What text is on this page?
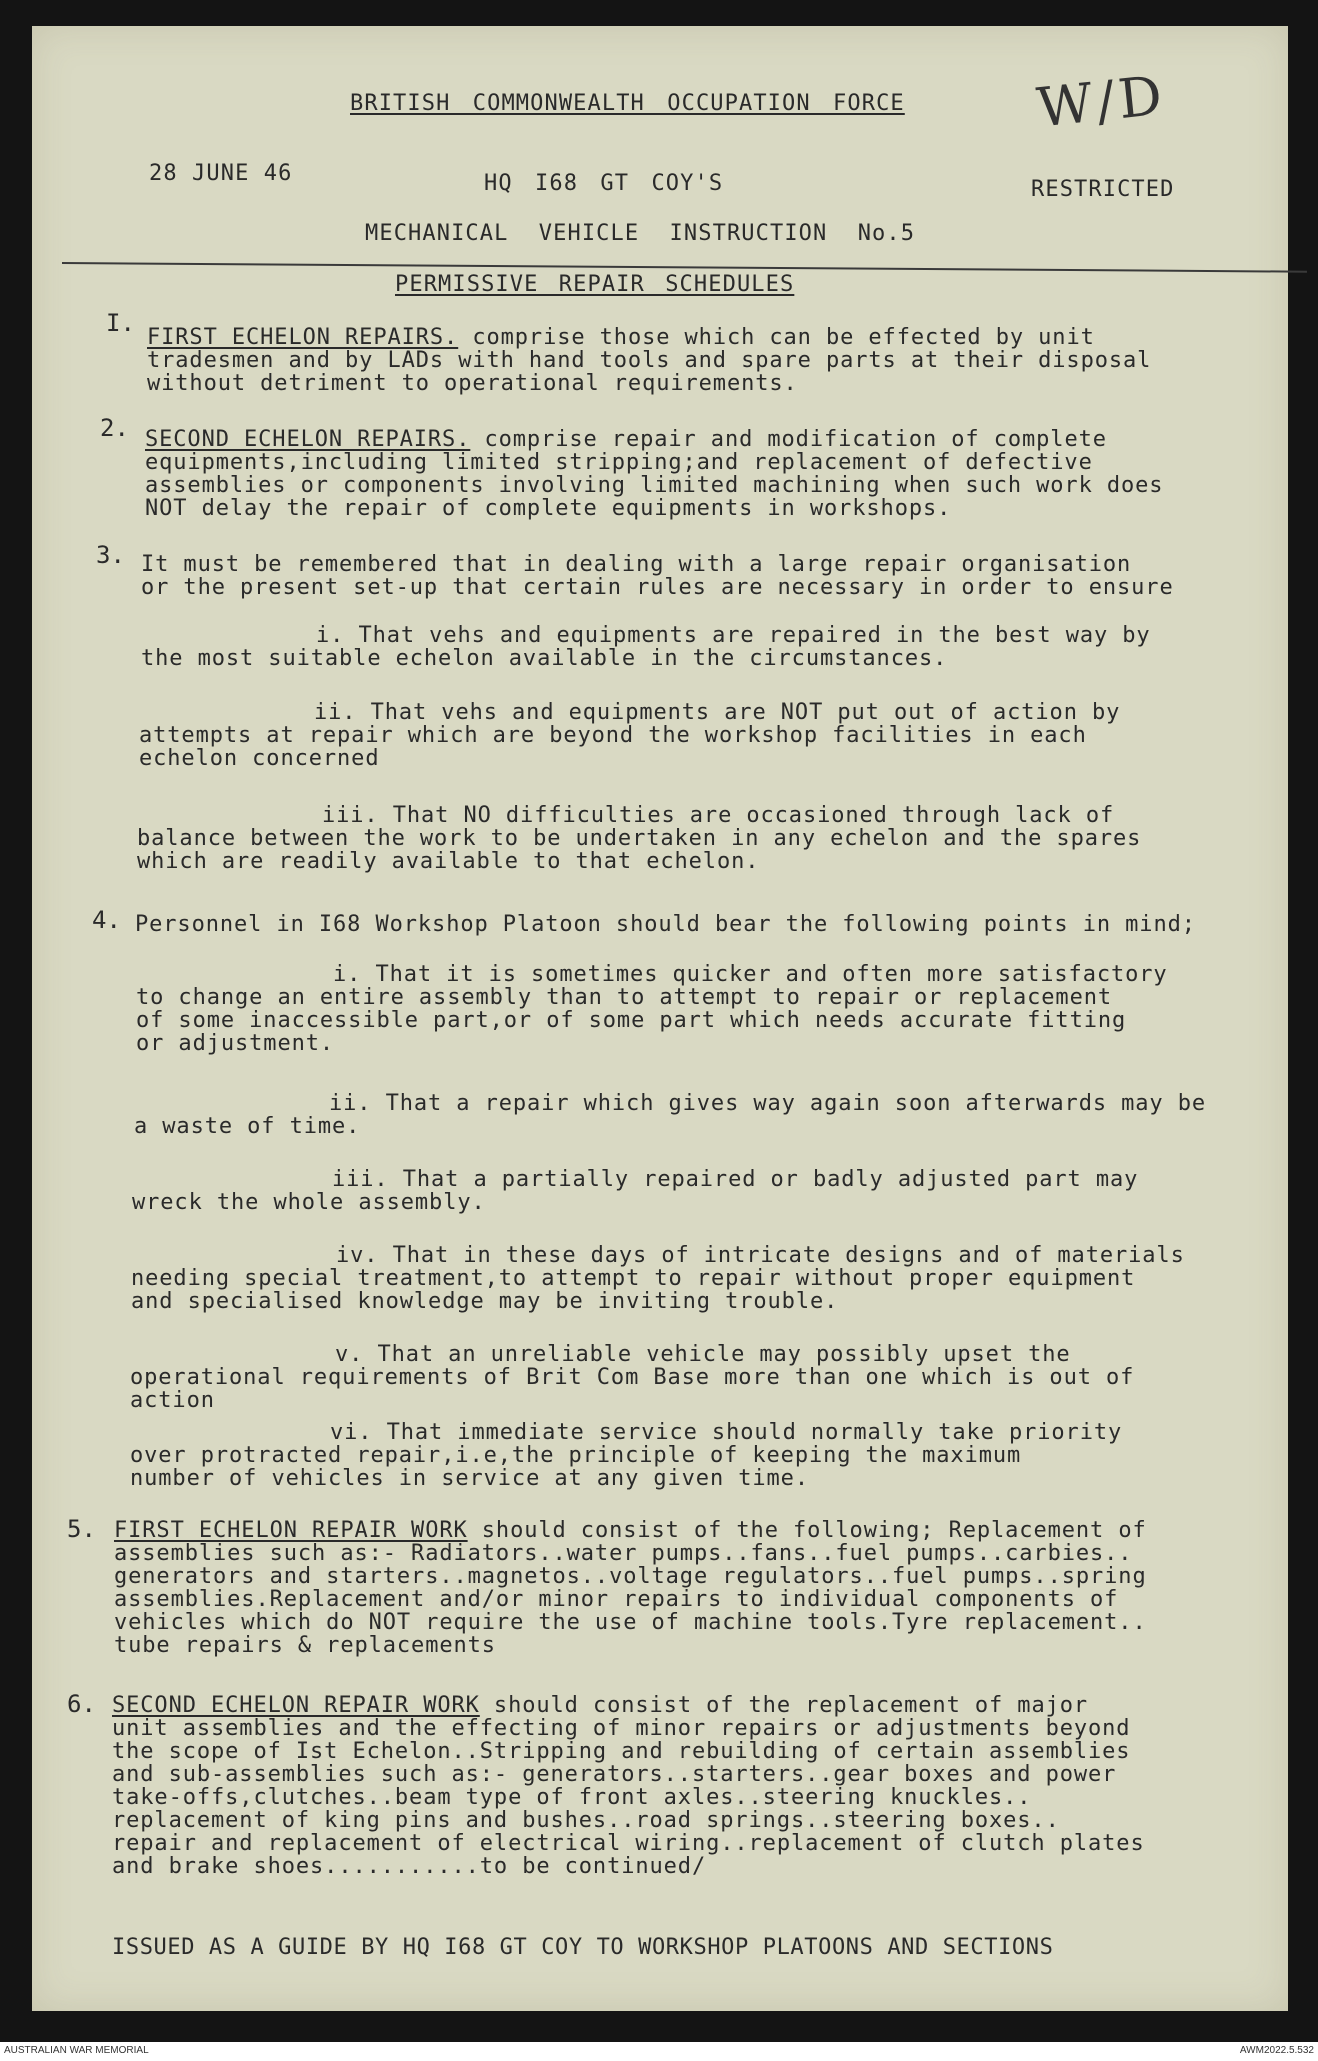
BRITISH COMMONWEALTH OCCUPATION FORCE W/D
28 JUNE 46	HQ I68 GT COY'S	RESTRICTED
MECHANICAL VEHICLE INSTRUCTION No.5
PERMISSIVE REPAIR SCHEDULES
I.
FIRST ECHELON REPAIRS. comprise those which can be effected by unit
tradesmen and by LADs with hand tools and spare parts at their disposal
without detriment to operational requirements.
2. SECOND ECHELON REPAIRS. comprise repair and modification of complete
equipments,including limited stripping;and replacement of defective
assemblies or components involving limited machining when such work does
NOT delay the repair of complete equipments in workshops.
3. It must be remembered that in dealing with a large repair organisation
or the present set-up that certain rules are necessary in order to ensure
i. That vehs and equipments are repaired in the best way by
the most suitable echelon available in the circumstances.
ii. That vehs and equipments are NOT put out of action by
attempts at repair which are beyond the workshop facilities in each
echelon concerned
iii. That NO difficulties are occasioned through lack of
balance between the work to be undertaken in any echelon and the spares
which are readily available to that echelon.
4. Personnel in I68 Workshop Platoon should bear the following points in mind;
i. That it is sometimes quicker and often more satisfactory
to change an entire assembly than to attempt to repair or replacement
of some inaccessible part,or of some part which needs accurate fitting
or adjustment.
ii. That a repair which gives way again soon afterwards may be
a waste of time.
iii. That a partially repaired or badly adjusted part may
wreck the whole assembly.
iv. That in these days of intricate designs and of materials
needing special treatment,to attempt to repair without proper equipment
and specialised knowledge may be inviting trouble.
v. That an unreliable vehicle may possibly upset the
operational requirements of Brit Com Base more than one which is out of
action
vi. That immediate service should normally take priority
over protracted repair,i.e,the principle of keeping the maximum
number of vehicles in service at any given time.
5. FIRST ECHELON REPAIR WORK should consist of the following; Replacement of
assemblies such as:- Radiators..water pumps..fans..fuel pumps..carbies..
generators and starters..magnetos..voltage regulators..fuel pumps..spring
assemblies.Replacement and/or minor repairs to individual components of
vehicles which do NOT require the use of machine tools.Tyre replacement..
tube repairs & replacements
6. SECOND ECHELON REPAIR WORK should consist of the replacement of major
unit assemblies and the effecting of minor repairs or adjustments beyond
the scope of Ist Echelon..Stripping and rebuilding of certain assemblies
and sub-assemblies such as:- generators..starters..gear boxes and power
take-offs,clutches..beam type of front axles..steering knuckles..
replacement of king pins and bushes..road springs..steering boxes..
repair and replacement of electrical wiring..replacement of clutch plates
and brake shoes...........to be continued/
ISSUED AS A GUIDE BY HQ I68 GT COY TO WORKSHOP PLATOONS AND SECTIONS
AUSTRALIAN WAR MEMORIAL	AWM2022.5.532
